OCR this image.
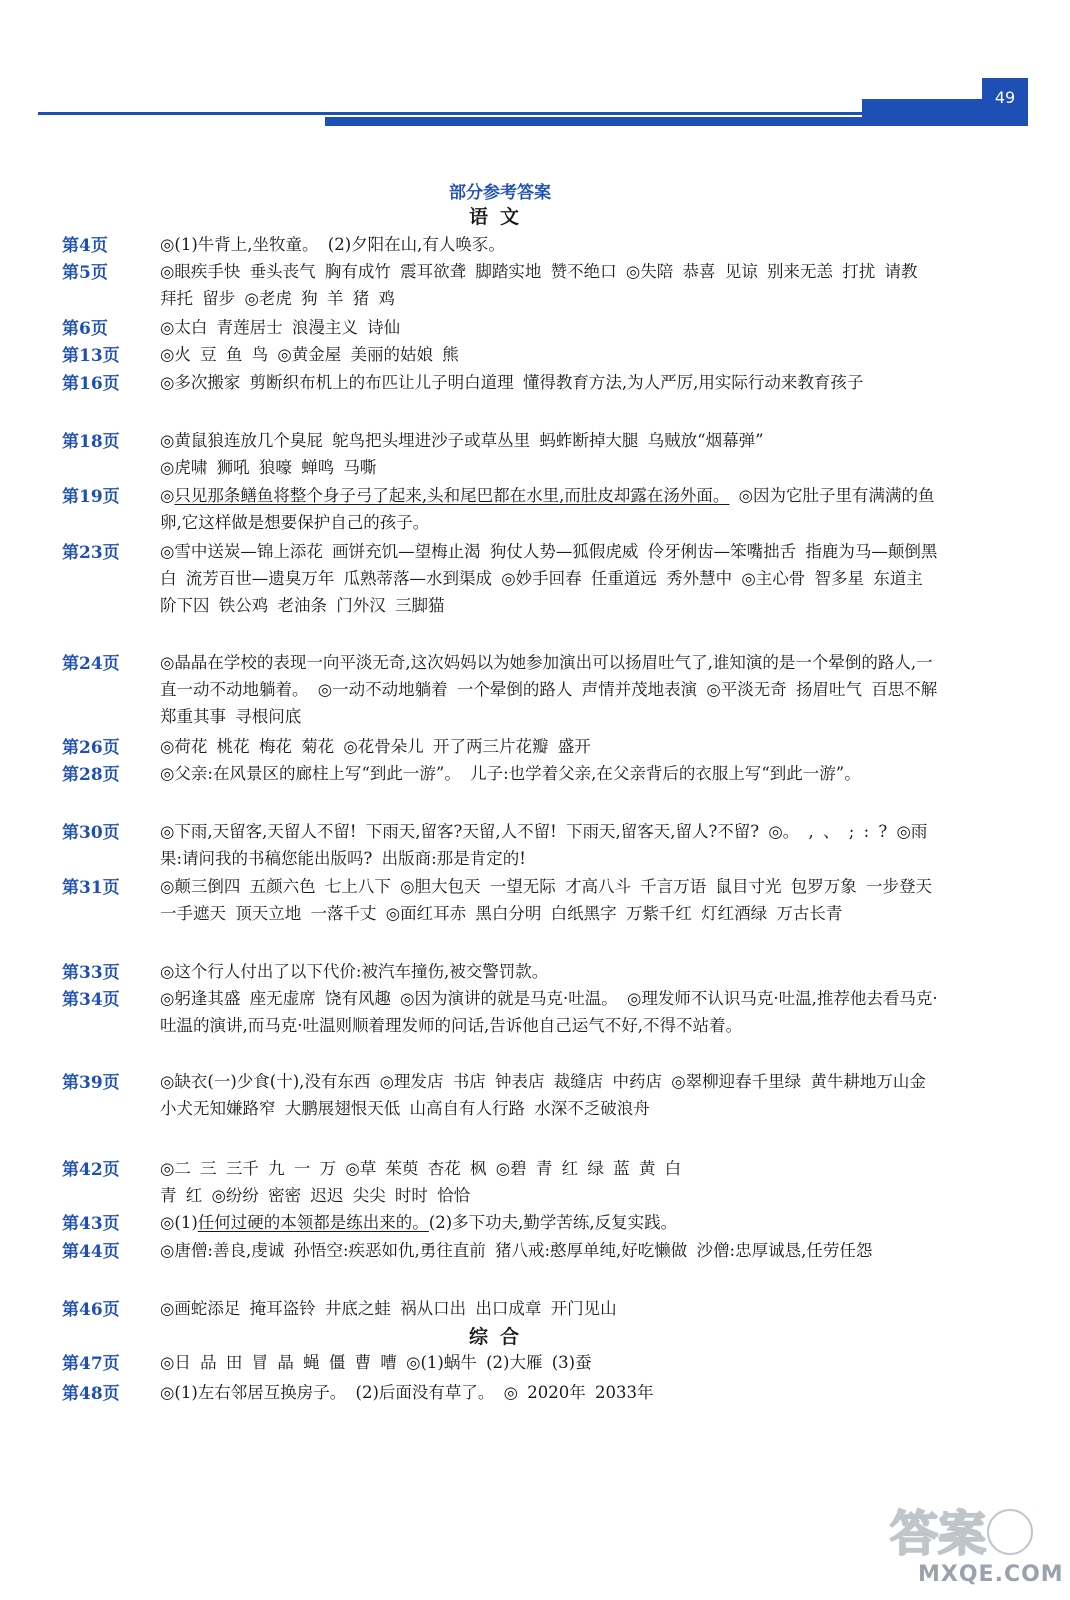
49
部分参考答案
语文
第4页	◎(1)牛背上,坐牧童。 (2)夕阳在山,有人唤豕。
第5页	◎眼疾手快 垂头丧气 胸有成竹 震耳欲聋 脚踏实地 赞不绝口 ◎失陪 恭喜 见谅 别来无恙 打扰 请教 拜托 留步 ◎老虎 狗 羊 猪 鸡
第6页	◎太白 青莲居士 浪漫主义 诗仙
第13页	◎火 豆 鱼 鸟 ◎黄金屋 美丽的姑娘 熊
第16页	◎多次搬家 剪断织布机上的布匹让儿子明白道理 懂得教育方法,为人严厉,用实际行动来教育孩子
第18页	◎黄鼠狼连放几个臭屁 鸵鸟把头埋进沙子或草丛里 蚂蚱断掉大腿 乌贼放“烟幕弹”
◎虎啸 狮吼 狼嚎 蝉鸣 马嘶
第19页	◎只见那条鳝鱼将整个身子弓了起来,头和尾巴都在水里,而肚皮却露在汤外面。 ◎因为它肚子里有满满的鱼卵,它这样做是想要保护自己的孩子。
第23页	◎雪中送炭—锦上添花 画饼充饥—望梅止渴 狗仗人势—狐假虎威 伶牙俐齿—笨嘴拙舌 指鹿为马—颠倒黑白 流芳百世—遗臭万年 瓜熟蒂落—水到渠成 ◎妙手回春 任重道远 秀外慧中 ◎主心骨 智多星 东道主 阶下囚 铁公鸡 老油条 门外汉 三脚猫
第24页	◎晶晶在学校的表现一向平淡无奇,这次妈妈以为她参加演出可以扬眉吐气了,谁知演的是一个晕倒的路人,一直一动不动地躺着。 ◎一动不动地躺着 一个晕倒的路人 声情并茂地表演 ◎平淡无奇 扬眉吐气 百思不解 郑重其事 寻根问底
第26页	◎荷花 桃花 梅花 菊花 ◎花骨朵儿 开了两三片花瓣 盛开
第28页	◎父亲:在风景区的廊柱上写“到此一游”。 儿子:也学着父亲,在父亲背后的衣服上写“到此一游”。
第30页	◎下雨,天留客,天留人不留! 下雨天,留客?天留,人不留! 下雨天,留客天,留人?不留? ◎。 , 、 ; : ? ◎雨果:请问我的书稿您能出版吗? 出版商:那是肯定的!
第31页	◎颠三倒四 五颜六色 七上八下 ◎胆大包天 一望无际 才高八斗 千言万语 鼠目寸光 包罗万象 一步登天 一手遮天 顶天立地 一落千丈 ◎面红耳赤 黑白分明 白纸黑字 万紫千红 灯红酒绿 万古长青
第33页	◎这个行人付出了以下代价:被汽车撞伤,被交警罚款。
第34页	◎躬逢其盛 座无虚席 饶有风趣 ◎因为演讲的就是马克·吐温。 ◎理发师不认识马克·吐温,推荐他去看马克·吐温的演讲,而马克·吐温则顺着理发师的问话,告诉他自己运气不好,不得不站着。
第39页	◎缺衣(一)少食(十),没有东西 ◎理发店 书店 钟表店 裁缝店 中药店 ◎翠柳迎春千里绿 黄牛耕地万山金 小犬无知嫌路窄 大鹏展翅恨天低 山高自有人行路 水深不乏破浪舟
第42页	◎二 三 三千 九 一 万 ◎草 茱萸 杏花 枫 ◎碧 青 红 绿 蓝 黄 白
青 红 ◎纷纷 密密 迟迟 尖尖 时时 恰恰
第43页	◎(1)任何过硬的本领都是练出来的。(2)多下功夫,勤学苦练,反复实践。
第44页	◎唐僧:善良,虔诚 孙悟空:疾恶如仇,勇往直前 猪八戒:憨厚单纯,好吃懒做 沙僧:忠厚诚恳,任劳任怨
第46页	◎画蛇添足 掩耳盗铃 井底之蛙 祸从口出 出口成章 开门见山
综合
第47页	◎日 品 田 冒 晶 蝇 僵 曹 嘈 ◎(1)蜗牛 (2)大雁 (3)蚕
第48页	◎(1)左右邻居互换房子。 (2)后面没有草了。 ◎ 2020年 2033年
答案
MXQE.COM
